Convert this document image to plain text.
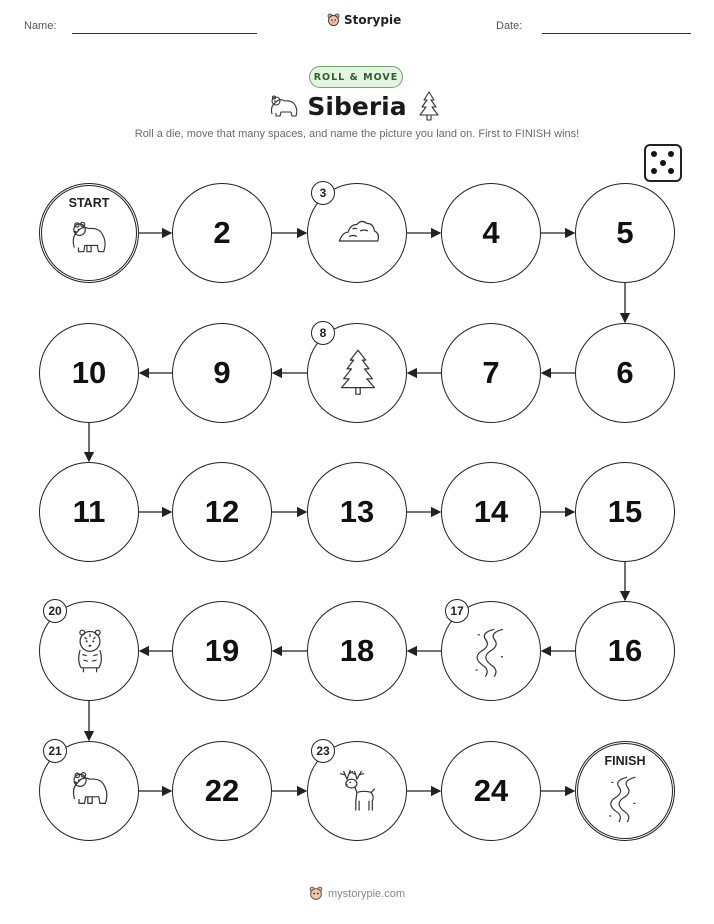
Name:	Storypie	Date:
ROLL & MOVE
Siberia
Roll a die, move that many spaces, and name the picture you land on. First to FINISH wins!
START
2
3
4	5
6
7
8
9
10
11	12	13	14	15
16
17
18
19
20
21
22
23
24
FINISH
mystorypie.com
